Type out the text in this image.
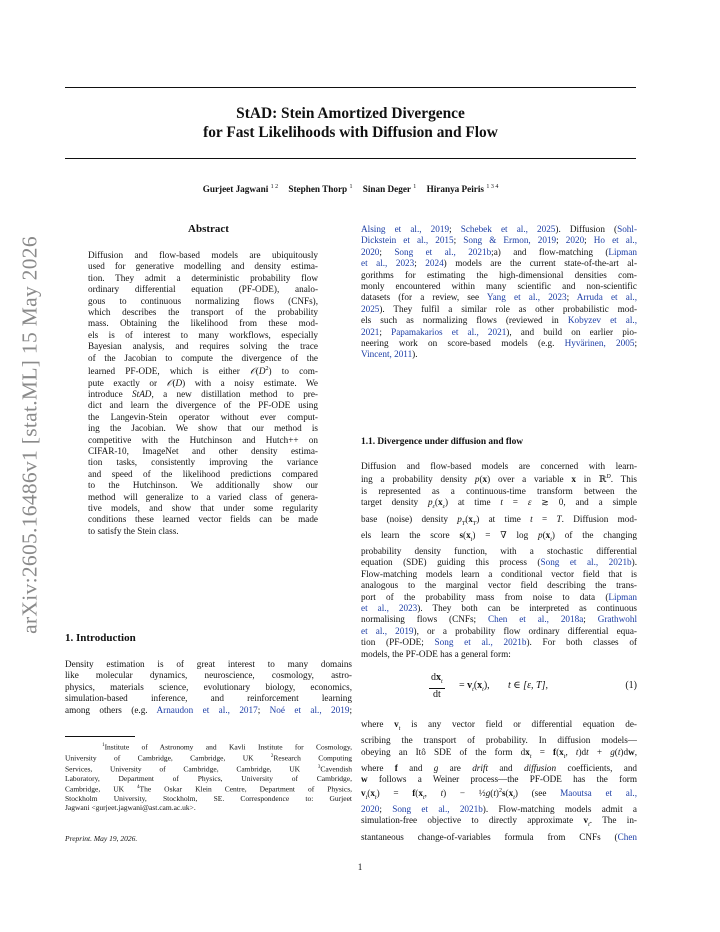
StAD: Stein Amortized Divergence
for Fast Likelihoods with Diffusion and Flow
Gurjeet Jagwani $^{1 2}$ Stephen Thorp $^1$ Sinan Deger $^1$ Hiranya Peiris $^{1 3 4}$
arXiv:2605.16486v1 [stat.ML] 15 May 2026
Abstract
Diffusion and flow-based models are ubiquitously
used for generative modelling and density estima-
tion. They admit a deterministic probability flow
ordinary differential equation (PF-ODE), analo-
gous to continuous normalizing flows (CNFs),
which describes the transport of the probability
mass. Obtaining the likelihood from these mod-
els is of interest to many workflows, especially
Bayesian analysis, and requires solving the trace
of the Jacobian to compute the divergence of the
learned PF-ODE, which is either $𝒪(D^2)$ to com-
pute exactly or 𝒪(D) with a noisy estimate. We
introduce StAD, a new distillation method to pre-
dict and learn the divergence of the PF-ODE using
the Langevin-Stein operator without ever comput-
ing the Jacobian. We show that our method is
competitive with the Hutchinson and Hutch++ on
CIFAR-10, ImageNet and other density estima-
tion tasks, consistently improving the variance
and speed of the likelihood predictions compared
to the Hutchinson. We additionally show our
method will generalize to a varied class of genera-
tive models, and show that under some regularity
conditions these learned vector fields can be made
to satisfy the Stein class.
1. Introduction
Density estimation is of great interest to many domains
like molecular dynamics, neuroscience, cosmology, astro-
physics, materials science, evolutionary biology, economics,
simulation-based inference, and reinforcement learning
among others (e.g. Arnaudon et al., 2017; Noé et al., 2019;
$^1$Institute of Astronomy and Kavli Institute for Cosmology,
University of Cambridge, Cambridge, UK $^2$Research Computing
Services, University of Cambridge, Cambridge, UK $^3$Cavendish
Laboratory, Department of Physics, University of Cambridge,
Cambridge, UK $^4$The Oskar Klein Centre, Department of Physics,
Stockholm University, Stockholm, SE. Correspondence to: Gurjeet
Jagwani <gurjeet.jagwani@ast.cam.ac.uk>.
Preprint. May 19, 2026.
Alsing et al., 2019; Schebek et al., 2025). Diffusion (Sohl-
Dickstein et al., 2015; Song & Ermon, 2019; 2020; Ho et al.,
2020; Song et al., 2021b;a) and flow-matching (Lipman
et al., 2023; 2024) models are the current state-of-the-art al-
gorithms for estimating the high-dimensional densities com-
monly encountered within many scientific and non-scientific
datasets (for a review, see Yang et al., 2023; Arruda et al.,
2025). They fulfil a similar role as other probabilistic mod-
els such as normalizing flows (reviewed in Kobyzev et al.,
2021; Papamakarios et al., 2021), and build on earlier pio-
neering work on score-based models (e.g. Hyvärinen, 2005;
Vincent, 2011).
1.1. Divergence under diffusion and flow
Diffusion and flow-based models are concerned with learn-
ing a probability density p(x) over a variable x in ℝ$^D$. This
is represented as a continuous-time transform between the
target density $p_\varepsilon(x_\varepsilon)$ at time t = ε ≳ 0, and a simple
base (noise) density $p_T(x_T)$ at time t = T. Diffusion mod-
els learn the score $s(x_t)$ = ∇ $\log p(x_t)$ of the changing
probability density function, with a stochastic differential
equation (SDE) guiding this process (Song et al., 2021b).
Flow-matching models learn a conditional vector field that is
analogous to the marginal vector field describing the trans-
port of the probability mass from noise to data (Lipman
et al., 2023). They both can be interpreted as continuous
normalising flows (CNFs; Chen et al., 2018a; Grathwohl
et al., 2019), or a probability flow ordinary differential equa-
tion (PF-ODE; Song et al., 2021b). For both classes of
models, the PF-ODE has a general form:
$dx_t$
dt
= $v_t(x_t)$, t ∈ [ε, T],	(1)
where $v_t$ is any vector field or differential equation de-
scribing the transport of probability. In diffusion models—
obeying an Itô SDE of the form $dx_t = f(x_t$, t)dt + g(t)dw,
where f and g are drift and diffusion coefficients, and
w follows a Weiner process—the PF-ODE has the form
$v_t(x_t) = f(x_t$, $t) - \frac{1}{2}g(t)^2s(x_t)$ (see Maoutsa et al.,
2020; Song et al., 2021b). Flow-matching models admit a
simulation-free objective to directly approximate $v_t$. The in-
stantaneous change-of-variables formula from CNFs (Chen
1
